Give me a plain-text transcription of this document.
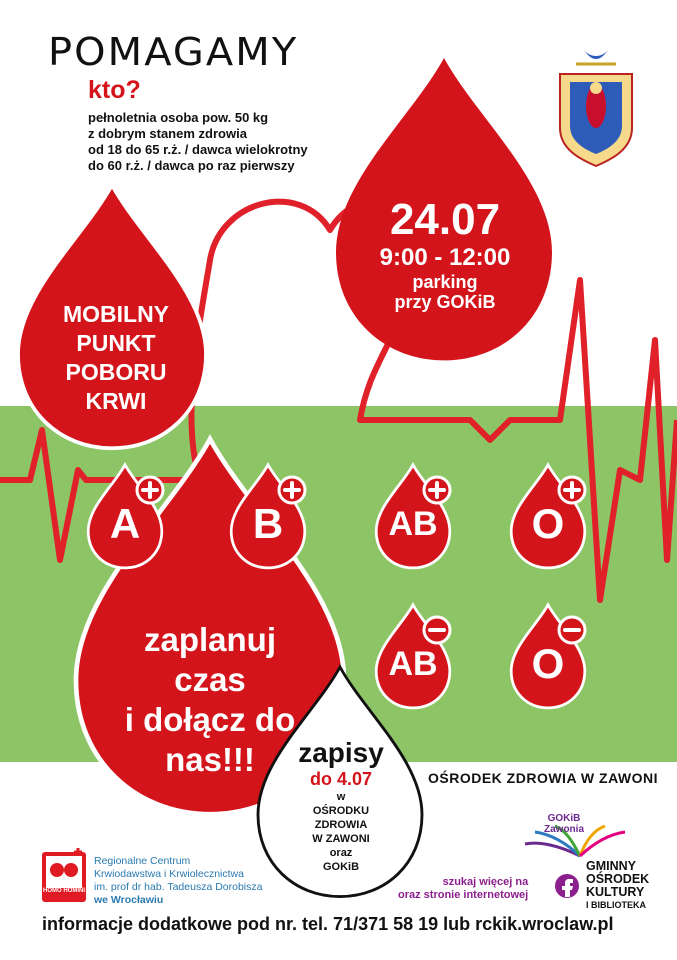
POMAGAMY
kto?
pełnoletnia osoba pow. 50 kg
z dobrym stanem zdrowia
od 18 do 65 r.ż. / dawca wielokrotny
do 60 r.ż. / dawca po raz pierwszy
24.07
9:00 - 12:00
parking
przy GOKiB
MOBILNY
PUNKT
POBORU
KRWI
A	B	AB	O
AB	O
zaplanuj
czas
i dołącz do
nas!!!	zapisy
do 4.07
w
OŚRODKU
ZDROWIA
W ZAWONI
oraz
GOKiB
OŚRODEK ZDROWIA W ZAWONI
HOMO HOMINI
Regionalne Centrum
Krwiodawstwa i Krwiolecznictwa
im. prof dr hab. Tadeusza Dorobisza
we Wrocławiu
GOKiB
Zawonia
szukaj więcej na
oraz stronie internetowej
GMINNY
OŚRODEK
KULTURY
I BIBLIOTEKA
informacje dodatkowe pod nr. tel. 71/371 58 19 lub rckik.wroclaw.pl
